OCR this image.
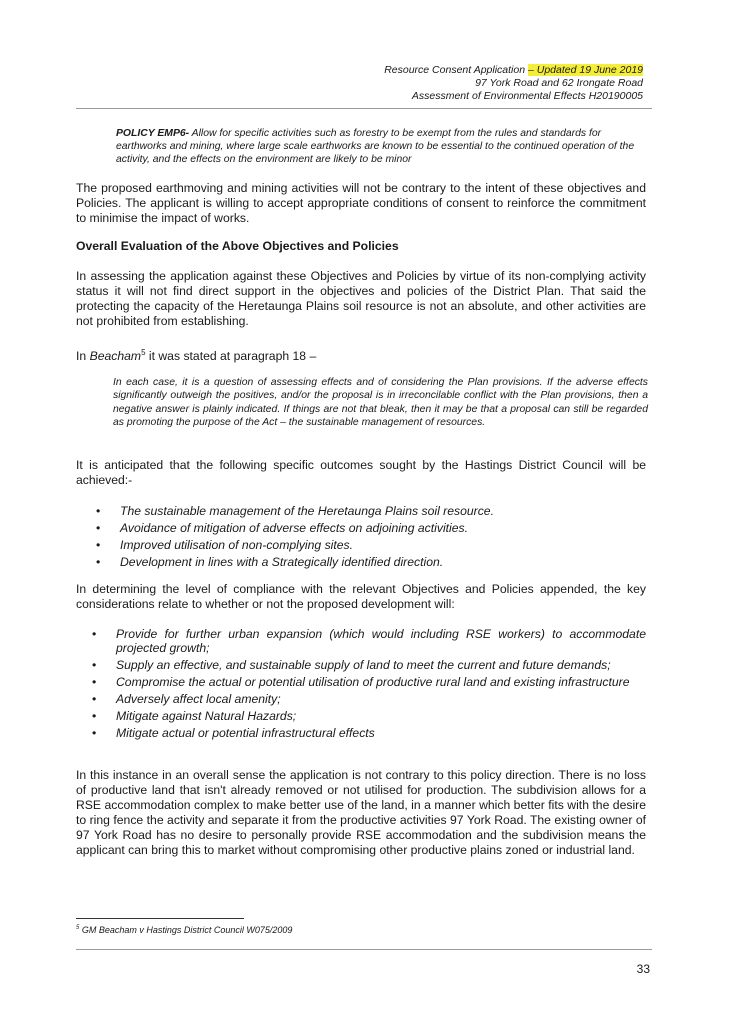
Resource Consent Application – Updated 19 June 2019
97 York Road and 62 Irongate Road
Assessment of Environmental Effects H20190005
POLICY EMP6- Allow for specific activities such as forestry to be exempt from the rules and standards for earthworks and mining, where large scale earthworks are known to be essential to the continued operation of the activity, and the effects on the environment are likely to be minor
The proposed earthmoving and mining activities will not be contrary to the intent of these objectives and Policies. The applicant is willing to accept appropriate conditions of consent to reinforce the commitment to minimise the impact of works.
Overall Evaluation of the Above Objectives and Policies
In assessing the application against these Objectives and Policies by virtue of its non-complying activity status it will not find direct support in the objectives and policies of the District Plan. That said the protecting the capacity of the Heretaunga Plains soil resource is not an absolute, and other activities are not prohibited from establishing.
In Beacham$^5$ it was stated at paragraph 18 –
In each case, it is a question of assessing effects and of considering the Plan provisions. If the adverse effects significantly outweigh the positives, and/or the proposal is in irreconcilable conflict with the Plan provisions, then a negative answer is plainly indicated. If things are not that bleak, then it may be that a proposal can still be regarded as promoting the purpose of the Act – the sustainable management of resources.
It is anticipated that the following specific outcomes sought by the Hastings District Council will be achieved:-
• The sustainable management of the Heretaunga Plains soil resource.
• Avoidance of mitigation of adverse effects on adjoining activities.
• Improved utilisation of non-complying sites.
• Development in lines with a Strategically identified direction.
In determining the level of compliance with the relevant Objectives and Policies appended, the key considerations relate to whether or not the proposed development will:
• Provide for further urban expansion (which would including RSE workers) to accommodate projected growth;
• Supply an effective, and sustainable supply of land to meet the current and future demands;
• Compromise the actual or potential utilisation of productive rural land and existing infrastructure
• Adversely affect local amenity;
• Mitigate against Natural Hazards;
• Mitigate actual or potential infrastructural effects
In this instance in an overall sense the application is not contrary to this policy direction. There is no loss of productive land that isn't already removed or not utilised for production. The subdivision allows for a RSE accommodation complex to make better use of the land, in a manner which better fits with the desire to ring fence the activity and separate it from the productive activities 97 York Road. The existing owner of 97 York Road has no desire to personally provide RSE accommodation and the subdivision means the applicant can bring this to market without compromising other productive plains zoned or industrial land.
$^5$ GM Beacham v Hastings District Council W075/2009
33
